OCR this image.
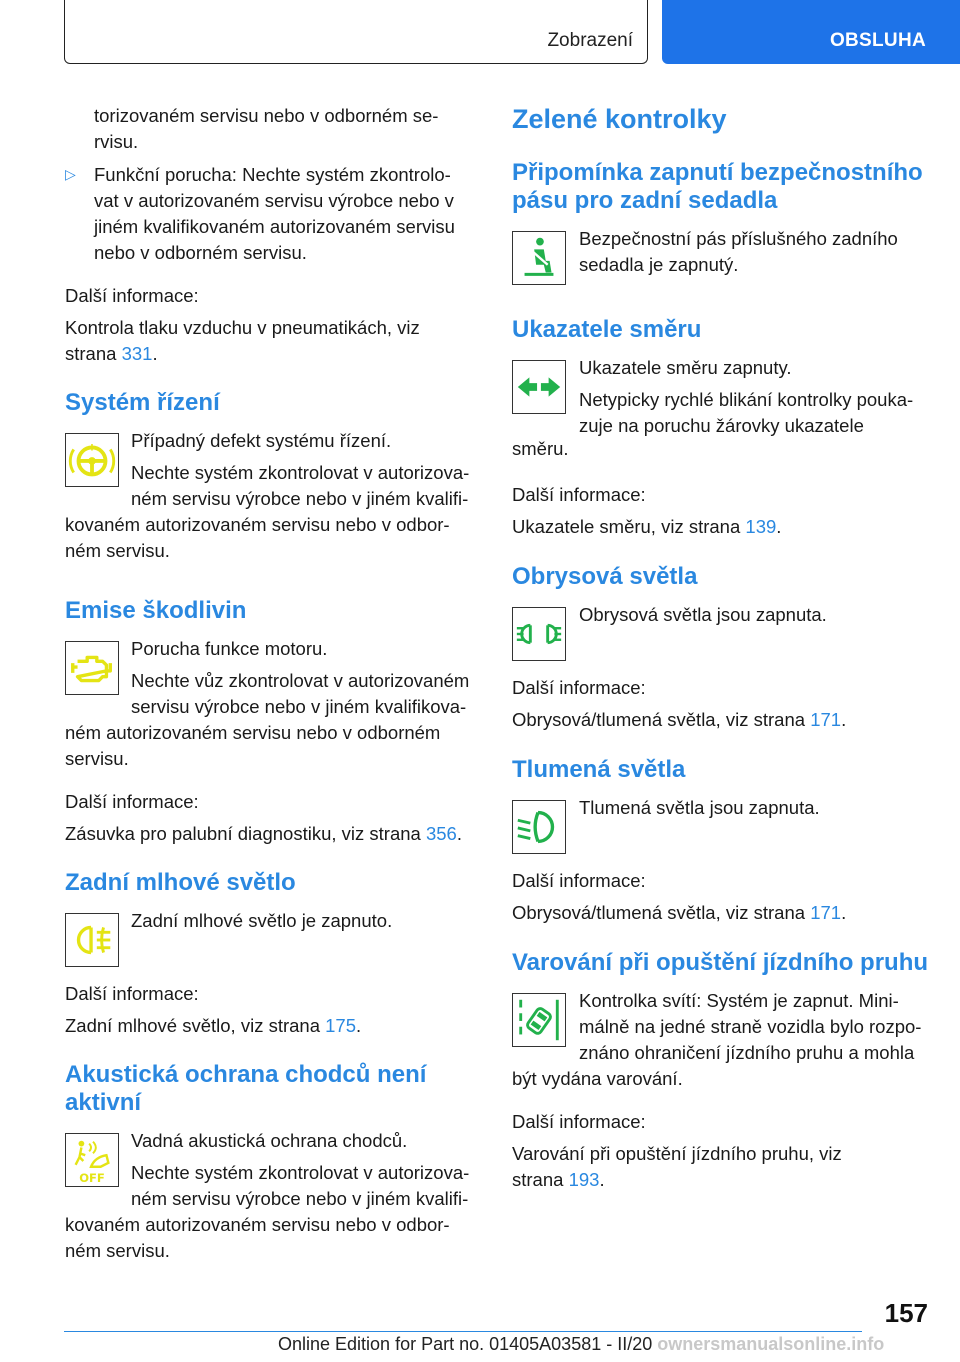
Zobrazení	OBSLUHA
torizovaném servisu nebo v odborném se‐
rvisu.
▷ Funkční porucha: Nechte systém zkontrolo‐
vat v autorizovaném servisu výrobce nebo v
jiném kvalifikovaném autorizovaném servisu
nebo v odborném servisu.
Další informace:
Kontrola tlaku vzduchu v pneumatikách, viz
strana 331.
Systém řízení
! Případný defekt systému řízení.
Nechte systém zkontrolovat v autorizova‐
ném servisu výrobce nebo v jiném kvalifi‐
kovaném autorizovaném servisu nebo v odbor‐
ném servisu.
Emise škodlivin
Porucha funkce motoru.
Nechte vůz zkontrolovat v autorizovaném
servisu výrobce nebo v jiném kvalifikova‐
ném autorizovaném servisu nebo v odborném
servisu.
Další informace:
Zásuvka pro palubní diagnostiku, viz strana 356.
Zadní mlhové světlo
Zadní mlhové světlo je zapnuto.
Další informace:
Zadní mlhové světlo, viz strana 175.
Akustická ochrana chodců není
aktivní
OFF
Vadná akustická ochrana chodců.
Nechte systém zkontrolovat v autorizova‐
ném servisu výrobce nebo v jiném kvalifi‐
kovaném autorizovaném servisu nebo v odbor‐
ném servisu.
Zelené kontrolky
Připomínka zapnutí bezpečnostního
pásu pro zadní sedadla
Bezpečnostní pás příslušného zadního
sedadla je zapnutý.
Ukazatele směru
Ukazatele směru zapnuty.
Netypicky rychlé blikání kontrolky pouka‐
zuje na poruchu žárovky ukazatele
směru.
Další informace:
Ukazatele směru, viz strana 139.
Obrysová světla
Obrysová světla jsou zapnuta.
Další informace:
Obrysová/tlumená světla, viz strana 171.
Tlumená světla
Tlumená světla jsou zapnuta.
Další informace:
Obrysová/tlumená světla, viz strana 171.
Varování při opuštění jízdního pruhu
Kontrolka svítí: Systém je zapnut. Mini‐
málně na jedné straně vozidla bylo rozpo‐
znáno ohraničení jízdního pruhu a mohla
být vydána varování.
Další informace:
Varování při opuštění jízdního pruhu, viz
strana 193.
157
Online Edition for Part no. 01405A03581 - II/20 ownersmanualsonline.info
